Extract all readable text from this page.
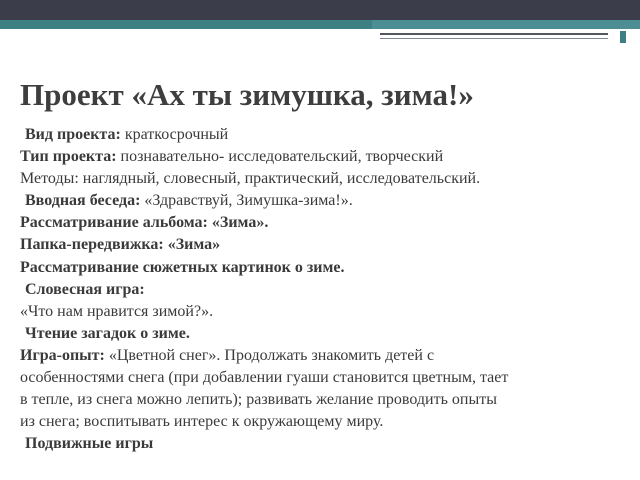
Проект «Ах ты зимушка, зима!»
Вид проекта: краткосрочный
Тип проекта: познавательно- исследовательский, творческий
Методы: наглядный, словесный, практический, исследовательский.
Вводная беседа: «Здравствуй, Зимушка-зима!».
Рассматривание альбома: «Зима».
Папка-передвижка: «Зима»
Рассматривание сюжетных картинок о зиме.
Словесная игра:
«Что нам нравится зимой?».
Чтение загадок о зиме.
Игра-опыт: «Цветной снег». Продолжать знакомить детей с
особенностями снега (при добавлении гуаши становится цветным, тает
в тепле, из снега можно лепить); развивать желание проводить опыты
из снега; воспитывать интерес к окружающему миру.
Подвижные игры
